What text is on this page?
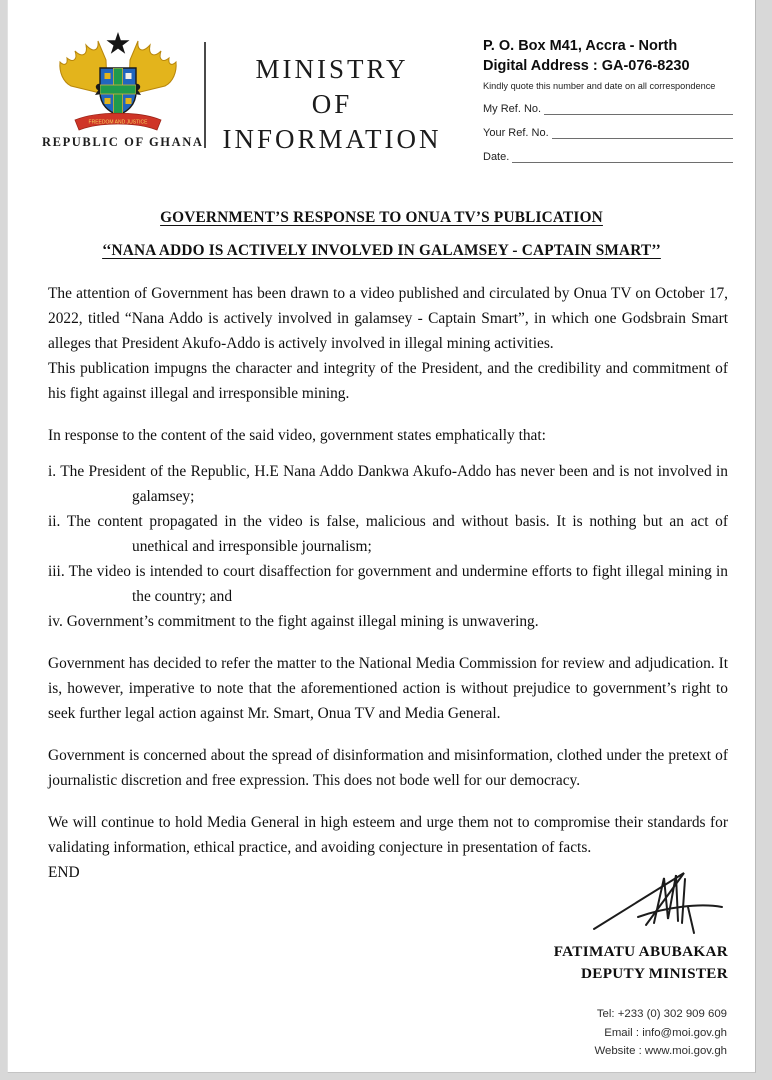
FREEDOM AND JUSTICE
REPUBLIC OF GHANA
MINISTRY
OF
INFORMATION
P. O. Box M41, Accra - North
Digital Address : GA-076-8230
Kindly quote this number and date on all correspondence
My Ref. No.
Your Ref. No.
Date.
GOVERNMENT’S RESPONSE TO ONUA TV’S PUBLICATION
‘‘NANA ADDO IS ACTIVELY INVOLVED IN GALAMSEY - CAPTAIN SMART’’

The attention of Government has been drawn to a video published and circulated by Onua TV on October 17, 2022, titled “Nana Addo is actively involved in galamsey - Captain Smart”, in which one Godsbrain Smart alleges that President Akufo-Addo is actively involved in illegal mining activities.

This publication impugns the character and integrity of the President, and the credibility and commitment of his fight against illegal and irresponsible mining.

In response to the content of the said video, government states emphatically that:

i. The President of the Republic, H.E Nana Addo Dankwa Akufo-Addo has never been and is not involved in galamsey;

ii. The content propagated in the video is false, malicious and without basis. It is nothing but an act of unethical and irresponsible journalism;

iii. The video is intended to court disaffection for government and undermine efforts to fight illegal mining in the country; and

iv. Government’s commitment to the fight against illegal mining is unwavering.

Government has decided to refer the matter to the National Media Commission for review and adjudication. It is, however, imperative to note that the aforementioned action is without prejudice to government’s right to seek further legal action against Mr. Smart, Onua TV and Media General.

Government is concerned about the spread of disinformation and misinformation, clothed under the pretext of journalistic discretion and free expression. This does not bode well for our democracy.

We will continue to hold Media General in high esteem and urge them not to compromise their standards for validating information, ethical practice, and avoiding conjecture in presentation of facts.

END

FATIMATU ABUBAKAR
DEPUTY MINISTER
Tel: +233 (0) 302 909 609
Email : info@moi.gov.gh
Website : www.moi.gov.gh
